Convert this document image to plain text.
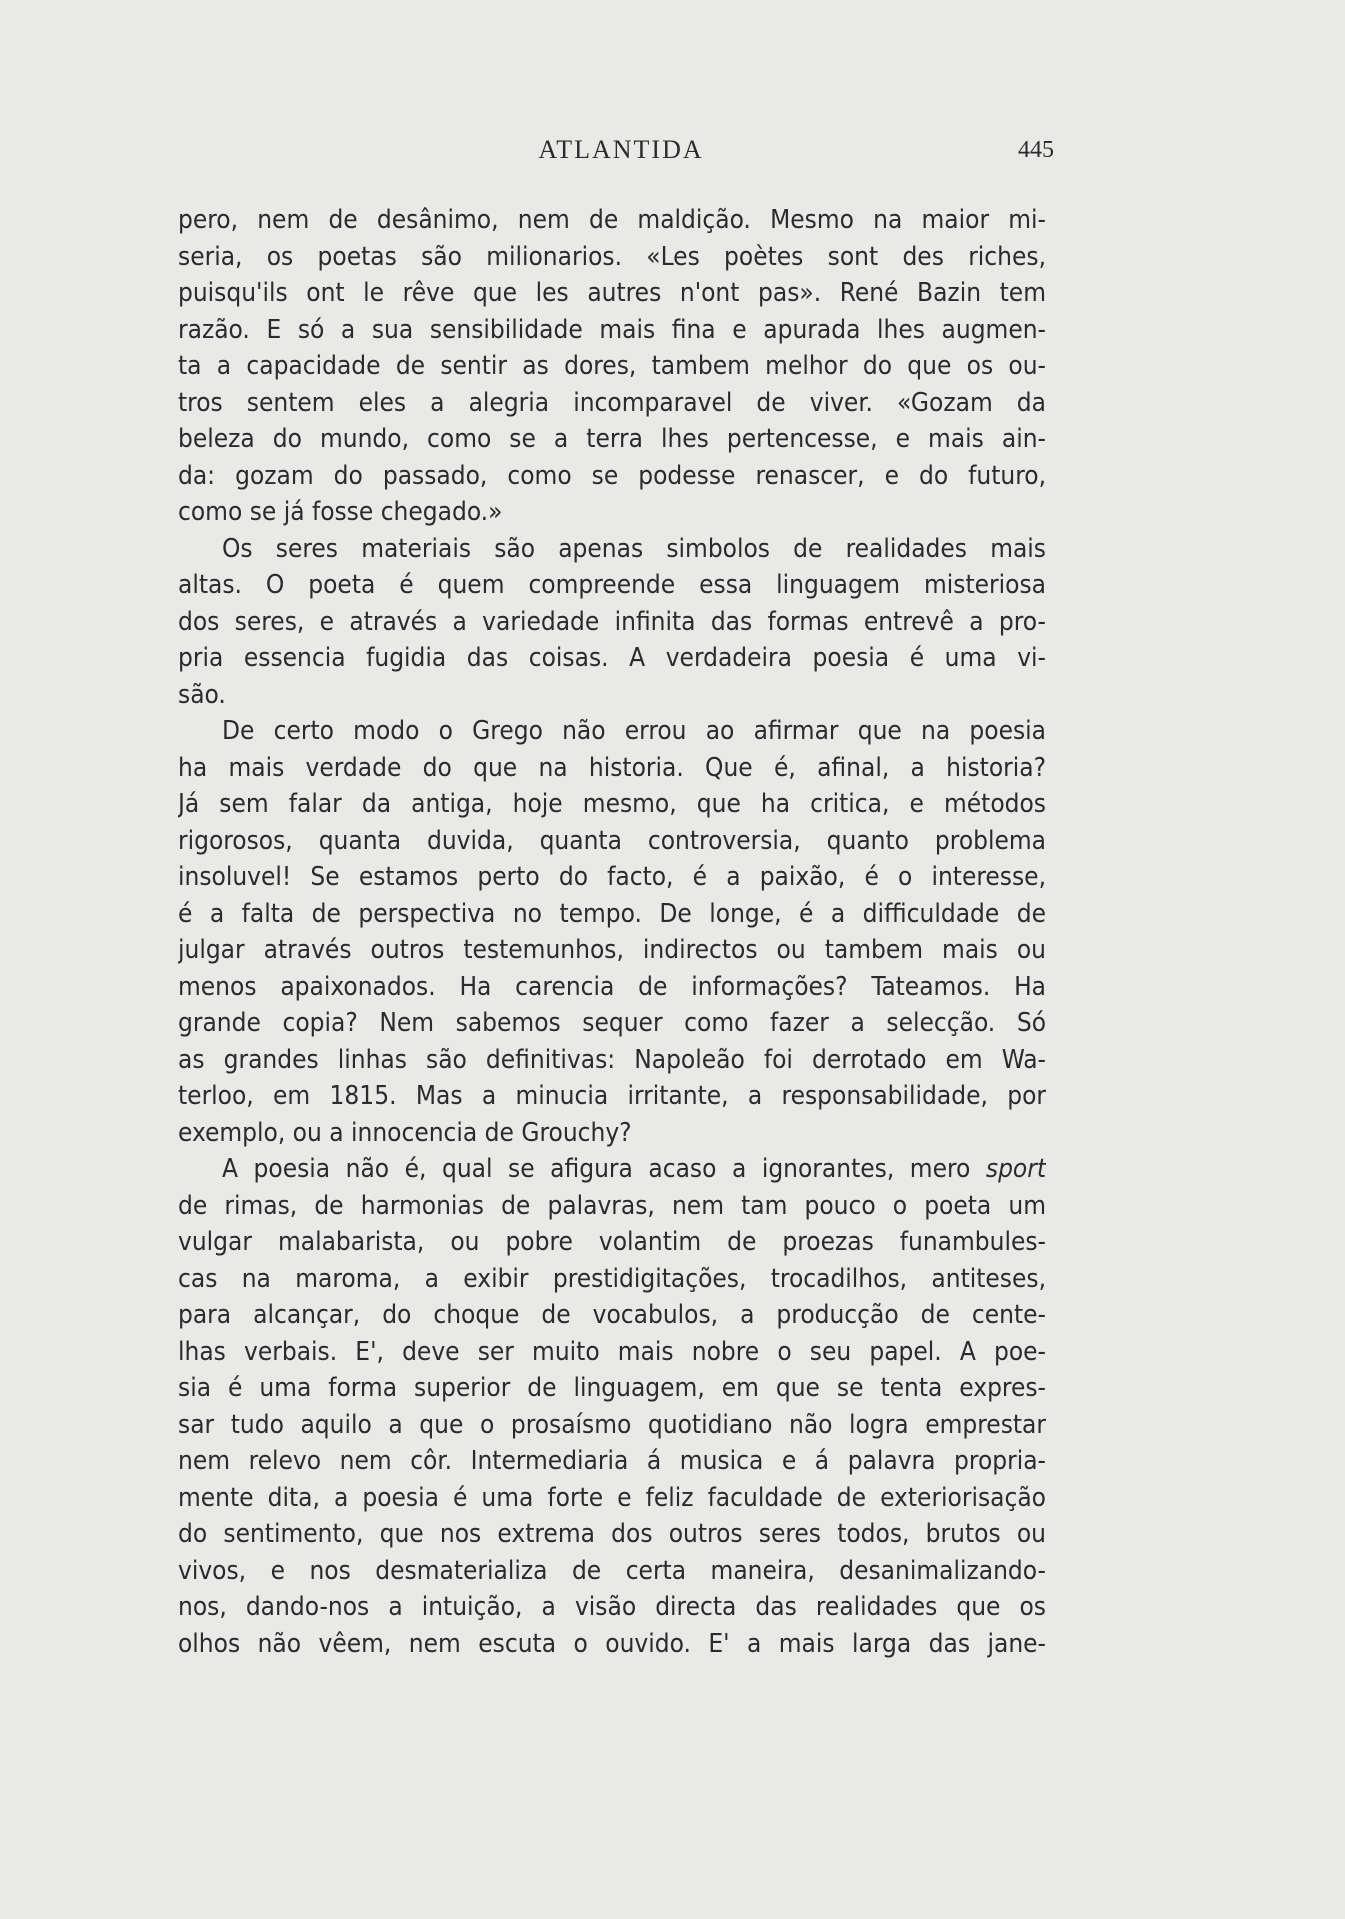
ATLANTIDA	445
pero, nem de desânimo, nem de maldição. Mesmo na maior mi-
seria, os poetas são milionarios. «Les poètes sont des riches,
puisqu'ils ont le rêve que les autres n'ont pas». René Bazin tem
razão. E só a sua sensibilidade mais fina e apurada lhes augmen-
ta a capacidade de sentir as dores, tambem melhor do que os ou-
tros sentem eles a alegria incomparavel de viver. «Gozam da
beleza do mundo, como se a terra lhes pertencesse, e mais ain-
da: gozam do passado, como se podesse renascer, e do futuro,
como se já fosse chegado.»
Os seres materiais são apenas simbolos de realidades mais
altas. O poeta é quem compreende essa linguagem misteriosa
dos seres, e através a variedade infinita das formas entrevê a pro-
pria essencia fugidia das coisas. A verdadeira poesia é uma vi-
são.
De certo modo o Grego não errou ao afirmar que na poesia
ha mais verdade do que na historia. Que é, afinal, a historia?
Já sem falar da antiga, hoje mesmo, que ha critica, e métodos
rigorosos, quanta duvida, quanta controversia, quanto problema
insoluvel! Se estamos perto do facto, é a paixão, é o interesse,
é a falta de perspectiva no tempo. De longe, é a difficuldade de
julgar através outros testemunhos, indirectos ou tambem mais ou
menos apaixonados. Ha carencia de informações? Tateamos. Ha
grande copia? Nem sabemos sequer como fazer a selecção. Só
as grandes linhas são definitivas: Napoleão foi derrotado em Wa-
terloo, em 1815. Mas a minucia irritante, a responsabilidade, por
exemplo, ou a innocencia de Grouchy?
A poesia não é, qual se afigura acaso a ignorantes, mero sport
de rimas, de harmonias de palavras, nem tam pouco o poeta um
vulgar malabarista, ou pobre volantim de proezas funambules-
cas na maroma, a exibir prestidigitações, trocadilhos, antiteses,
para alcançar, do choque de vocabulos, a producção de cente-
lhas verbais. E', deve ser muito mais nobre o seu papel. A poe-
sia é uma forma superior de linguagem, em que se tenta expres-
sar tudo aquilo a que o prosaísmo quotidiano não logra emprestar
nem relevo nem côr. Intermediaria á musica e á palavra propria-
mente dita, a poesia é uma forte e feliz faculdade de exteriorisação
do sentimento, que nos extrema dos outros seres todos, brutos ou
vivos, e nos desmaterializa de certa maneira, desanimalizando-
nos, dando-nos a intuição, a visão directa das realidades que os
olhos não vêem, nem escuta o ouvido. E' a mais larga das jane-
